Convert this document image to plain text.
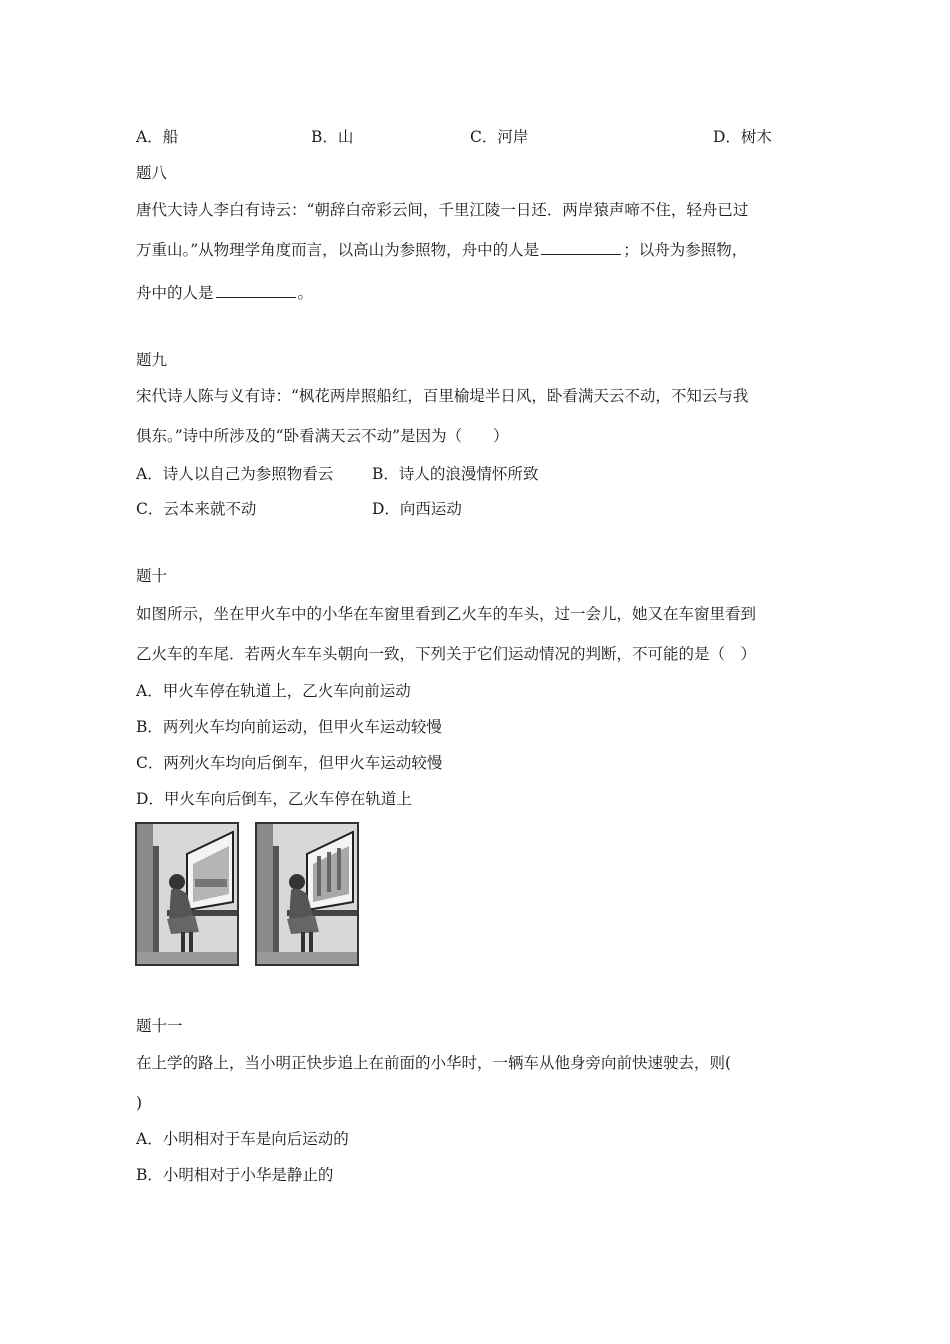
A．船	B．山	C．河岸	D．树木
题八
唐代大诗人李白有诗云：“朝辞白帝彩云间，千里江陵一日还．两岸猿声啼不住，轻舟已过
万重山。”从物理学角度而言，以高山为参照物，舟中的人是	；以舟为参照物，
舟中的人是	。
题九
宋代诗人陈与义有诗：“枫花两岸照船红，百里榆堤半日风，卧看满天云不动，不知云与我
俱东。”诗中所涉及的“卧看满天云不动”是因为（　　）
A．诗人以自己为参照物看云	B．诗人的浪漫情怀所致
C．云本来就不动	D．向西运动
题十
如图所示，坐在甲火车中的小华在车窗里看到乙火车的车头，过一会儿，她又在车窗里看到
乙火车的车尾．若两火车车头朝向一致，下列关于它们运动情况的判断，不可能的是（　）
A．甲火车停在轨道上，乙火车向前运动
B．两列火车均向前运动，但甲火车运动较慢
C．两列火车均向后倒车，但甲火车运动较慢
D．甲火车向后倒车，乙火车停在轨道上
题十一
在上学的路上，当小明正快步追上在前面的小华时，一辆车从他身旁向前快速驶去，则(
)
A．小明相对于车是向后运动的
B．小明相对于小华是静止的
